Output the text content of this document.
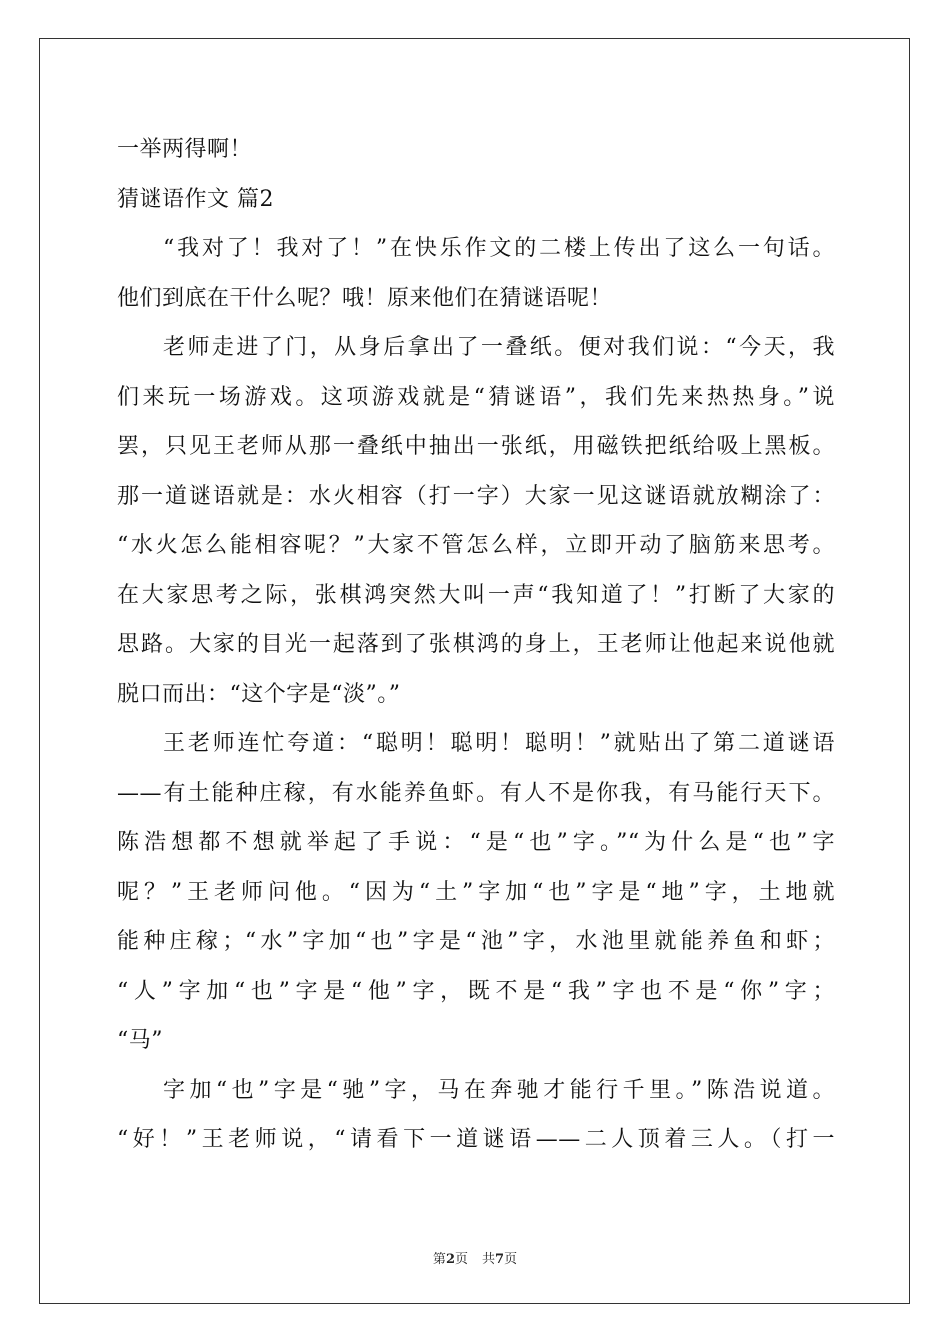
一举两得啊！
猜谜语作文 篇2
“我对了！我对了！”在快乐作文的二楼上传出了这么一句话。
他们到底在干什么呢？哦！原来他们在猜谜语呢！
老师走进了门，从身后拿出了一叠纸。便对我们说：“今天，我
们来玩一场游戏。这项游戏就是“猜谜语”，我们先来热热身。”说
罢，只见王老师从那一叠纸中抽出一张纸，用磁铁把纸给吸上黑板。
那一道谜语就是：水火相容（打一字）大家一见这谜语就放糊涂了：
“水火怎么能相容呢？”大家不管怎么样，立即开动了脑筋来思考。
在大家思考之际，张棋鸿突然大叫一声“我知道了！”打断了大家的
思路。大家的目光一起落到了张棋鸿的身上，王老师让他起来说他就
脱口而出：“这个字是“淡”。”
王老师连忙夸道：“聪明！聪明！聪明！”就贴出了第二道谜语
——有土能种庄稼，有水能养鱼虾。有人不是你我，有马能行天下。
陈浩想都不想就举起了手说：“是“也”字。”“为什么是“也”字
呢？”王老师问他。“因为“土”字加“也”字是“地”字，土地就
能种庄稼；“水”字加“也”字是“池”字，水池里就能养鱼和虾；
“人”字加“也”字是“他”字，既不是“我”字也不是“你”字；
“马”
字加“也”字是“驰”字，马在奔驰才能行千里。”陈浩说道。
“好！”王老师说，“请看下一道谜语——二人顶着三人。（打一
第2页 共7页
